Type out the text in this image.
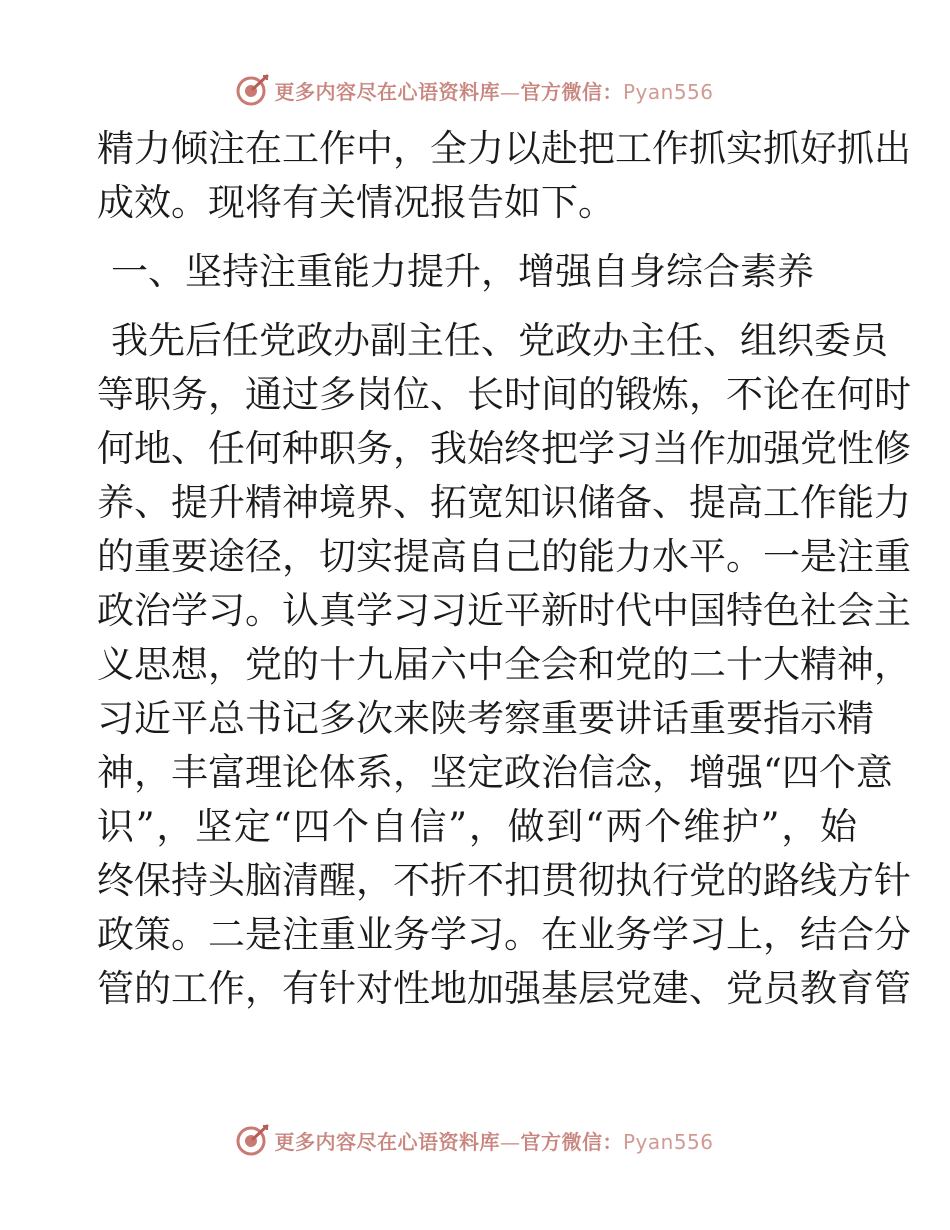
更多内容尽在心语资料库—官方微信：Pyan556
精力倾注在工作中，全力以赴把工作抓实抓好抓出
成效。现将有关情况报告如下。
一、坚持注重能力提升，增强自身综合素养
我先后任党政办副主任、党政办主任、组织委员
等职务，通过多岗位、长时间的锻炼，不论在何时
何地、任何种职务，我始终把学习当作加强党性修
养、提升精神境界、拓宽知识储备、提高工作能力
的重要途径，切实提高自己的能力水平。一是注重
政治学习。认真学习习近平新时代中国特色社会主
义思想，党的十九届六中全会和党的二十大精神，
习近平总书记多次来陕考察重要讲话重要指示精
神，丰富理论体系，坚定政治信念，增强“四个意
识”，坚定“四个自信”，做到“两个维护”，始
终保持头脑清醒，不折不扣贯彻执行党的路线方针
政策。二是注重业务学习。在业务学习上，结合分
管的工作，有针对性地加强基层党建、党员教育管
更多内容尽在心语资料库—官方微信：Pyan556
